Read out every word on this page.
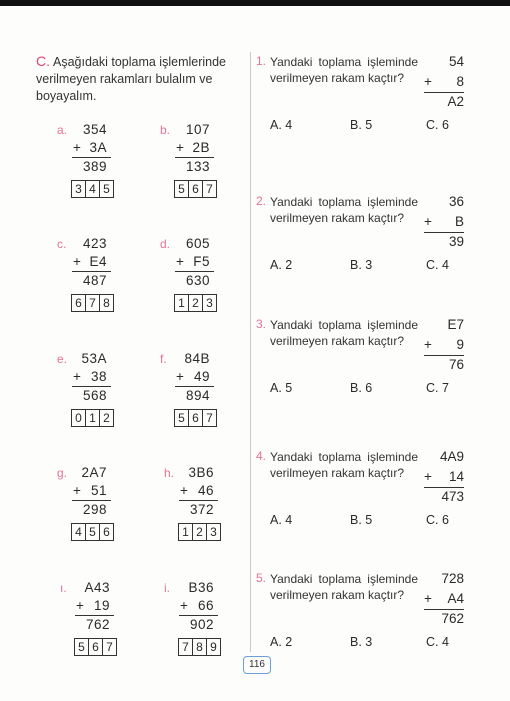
C. Aşağıdaki toplama işlemlerinde verilmeyen rakamları bulalım ve boyayalım.
a. 354
+ 3A
389
3 4 5
b. 107
+ 2B
133
5 6 7
c. 423
+ E4
487
6 7 8
d. 605
+ F5
630
1 2 3
e. 53A
+ 38
568
0 1 2
f. 84B
+ 49
894
5 6 7
g. 2A7
+ 51
298
4 5 6
h. 3B6
+ 46
372
1 2 3
ı. A43
+ 19
762
5 6 7
i. B36
+ 66
902
7 8 9
1. Yandaki toplama işleminde verilmeyen rakam kaçtır?
54
+ 8
A2
A. 4	B. 5	C. 6
2. Yandaki toplama işleminde verilmeyen rakam kaçtır?
36
+ B
39
A. 2	B. 3	C. 4
3. Yandaki toplama işleminde verilmeyen rakam kaçtır?
E7
+ 9
76
A. 5	B. 6	C. 7
4. Yandaki toplama işleminde verilmeyen rakam kaçtır?
4A9
+ 14
473
A. 4	B. 5	C. 6
5. Yandaki toplama işleminde verilmeyen rakam kaçtır?
728
+ A4
762
A. 2	B. 3	C. 4
116
